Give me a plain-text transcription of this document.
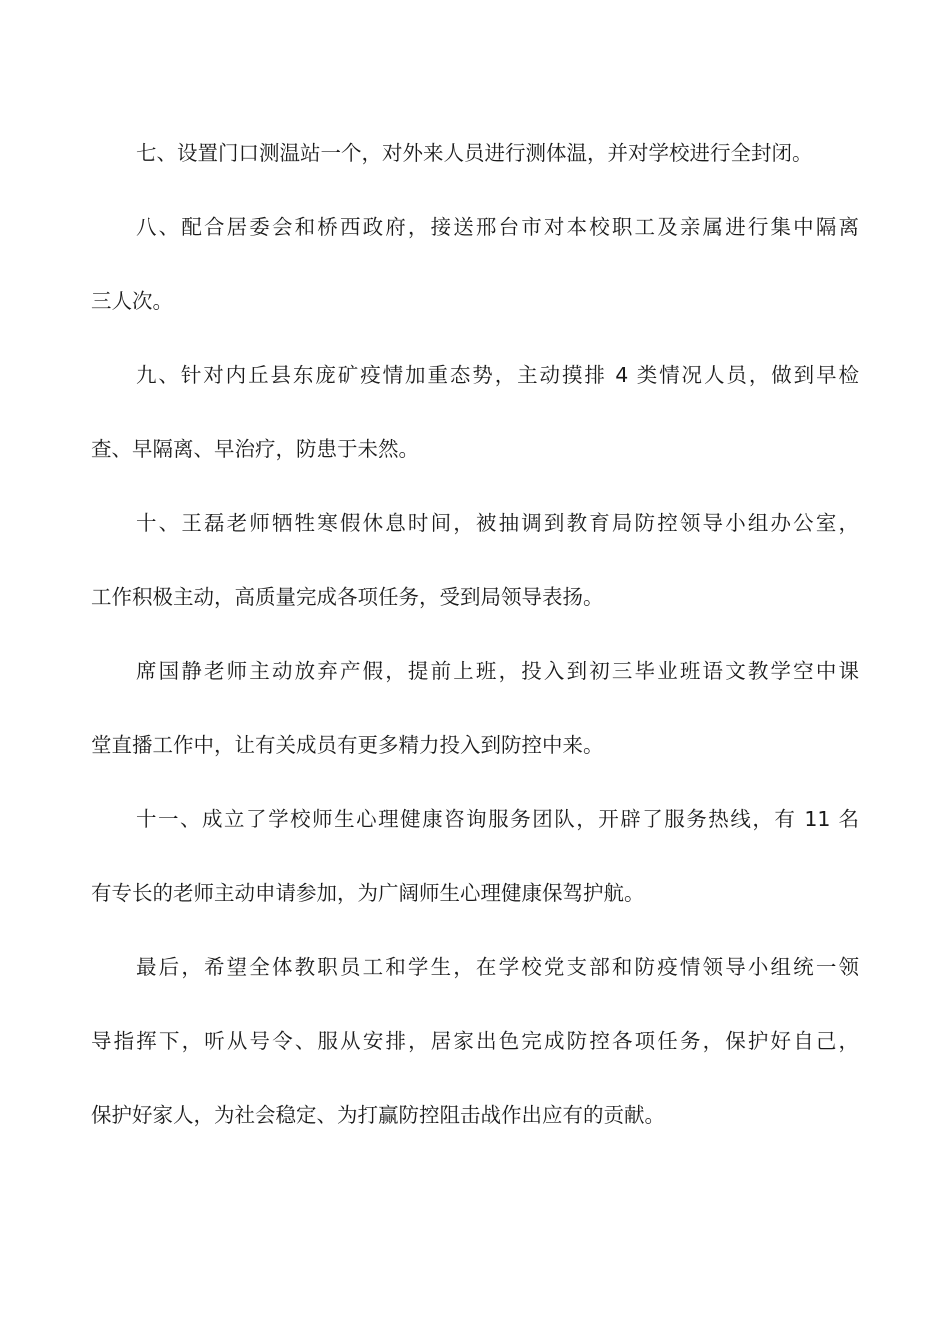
七、设置门口测温站一个，对外来人员进行测体温，并对学校进行全封闭。
八、配合居委会和桥西政府，接送邢台市对本校职工及亲属进行集中隔离
三人次。
九、针对内丘县东庞矿疫情加重态势，主动摸排 4 类情况人员，做到早检
查、早隔离、早治疗，防患于未然。
十、王磊老师牺牲寒假休息时间，被抽调到教育局防控领导小组办公室，
工作积极主动，高质量完成各项任务，受到局领导表扬。
席国静老师主动放弃产假，提前上班，投入到初三毕业班语文教学空中课
堂直播工作中，让有关成员有更多精力投入到防控中来。
十一、成立了学校师生心理健康咨询服务团队，开辟了服务热线，有 11 名
有专长的老师主动申请参加，为广阔师生心理健康保驾护航。
最后，希望全体教职员工和学生，在学校党支部和防疫情领导小组统一领
导指挥下，听从号令、服从安排，居家出色完成防控各项任务，保护好自己，
保护好家人，为社会稳定、为打赢防控阻击战作出应有的贡献。
